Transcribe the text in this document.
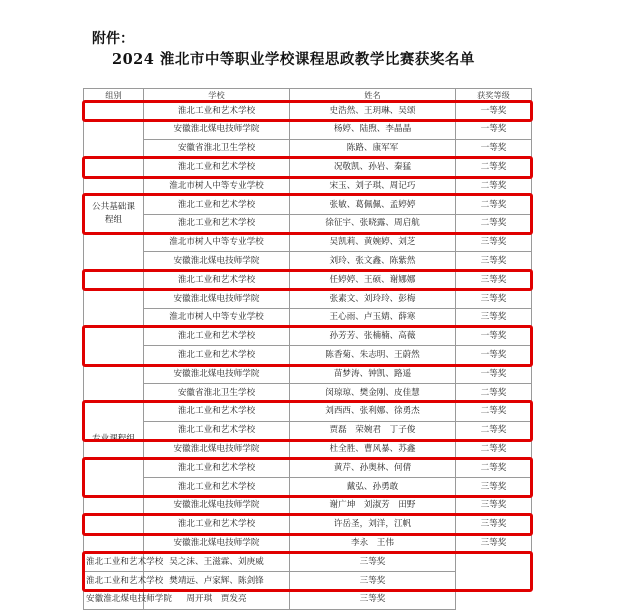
附件：
2024 淮北市中等职业学校课程思政教学比赛获奖名单
组别	学校	姓名	获奖等级
公共基础课程组	淮北工业和艺术学校	史浩然、王玥琳、吴颂	一等奖
	安徽淮北煤电技师学院	杨婷、陆煦、李晶晶	一等奖
	安徽省淮北卫生学校	陈路、康军军	一等奖
	淮北工业和艺术学校	况敬凯、孙岩、秦猛	二等奖
	淮北市树人中等专业学校	宋玉、刘子琪、周记巧	二等奖
	淮北工业和艺术学校	张敏、葛佩佩、孟婷婷	二等奖
	淮北工业和艺术学校	徐征宇、张晓露、周启航	二等奖
	淮北市树人中等专业学校	吴凯莉、黄婉婷、刘芝	三等奖
	安徽淮北煤电技师学院	刘玲、张文鑫、陈紫然	三等奖
	淮北工业和艺术学校	任婷婷、王硕、谢娜娜	三等奖
	安徽淮北煤电技师学院	张素文、刘玲玲、彭梅	三等奖
	淮北市树人中等专业学校	王心雨、卢玉婧、薛寒	三等奖
专业课程组	淮北工业和艺术学校	孙芳芳、张楠楠、高薇	一等奖
	淮北工业和艺术学校	陈香菊、朱志明、王蔚然	一等奖
	安徽淮北煤电技师学院	苗梦涛、钟凯、路遥	一等奖
	安徽省淮北卫生学校	闵琼琼、樊金刚、皮佳慧	二等奖
	淮北工业和艺术学校	刘西西、张利娜、徐勇杰	二等奖
	淮北工业和艺术学校	贾磊　荣婉君　丁子俊	二等奖
	安徽淮北煤电技师学院	杜全胜、曹风暴、苏鑫	二等奖
	淮北工业和艺术学校	黄芹、孙奥林、何倩	二等奖
	淮北工业和艺术学校	戴弘、孙勇敢	三等奖
	安徽淮北煤电技师学院	谢广坤　刘淑芳　田野	三等奖
	淮北工业和艺术学校	许岳圣，刘洋，江帆	三等奖
	安徽淮北煤电技师学院	李永　王伟	三等奖
淮北工业和艺术学校	吴之沫、王滋霖、刘庚威	三等奖	
淮北工业和艺术学校	樊靖远、卢家辉、陈剑锋	三等奖	
安徽淮北煤电技师学院	周开琪　贾发亮	三等奖	
